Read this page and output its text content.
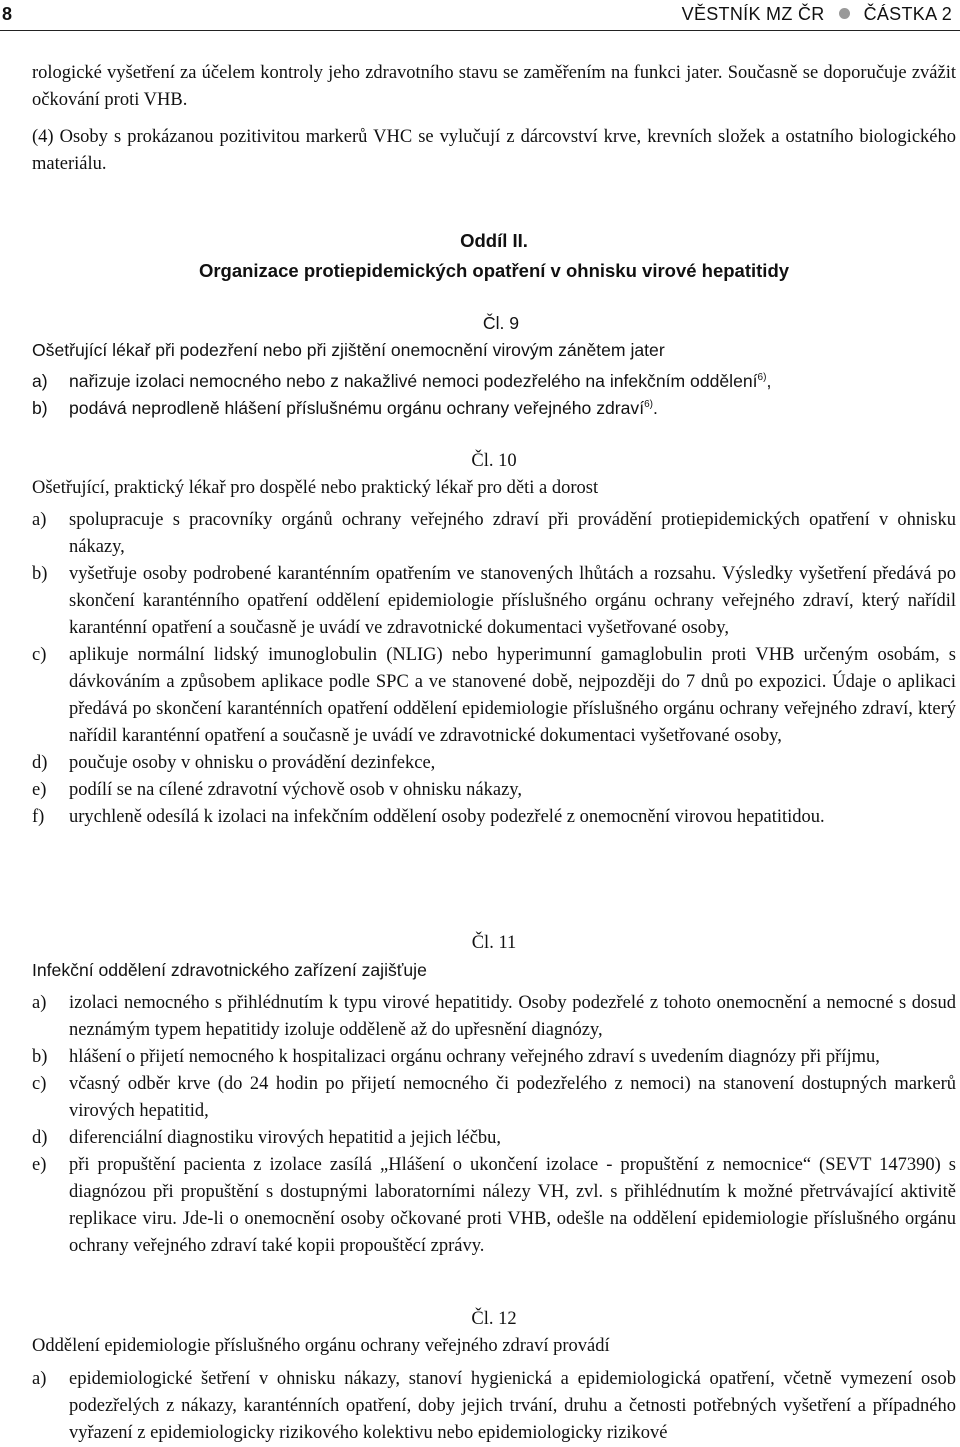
8	VĚSTNÍK MZ ČR ČÁSTKA 2

rologické vyšetření za účelem kontroly jeho zdravotního stavu se zaměřením na funkci jater. Současně se doporučuje zvážit očkování proti VHB.

(4) Osoby s prokázanou pozitivitou markerů VHC se vylučují z dárcovství krve, krevních složek a ostatního biologického materiálu.

Oddíl II.
Organizace protiepidemických opatření v ohnisku virové hepatitidy
Čl. 9

Ošetřující lékař při podezření nebo při zjištění onemocnění virovým zánětem jater

a) nařizuje izolaci nemocného nebo z nakažlivé nemoci podezřelého na infekčním oddělení$^{6)}$,
b) podává neprodleně hlášení příslušnému orgánu ochrany veřejného zdraví$^{6)}$.
Čl. 10

Ošetřující, praktický lékař pro dospělé nebo praktický lékař pro děti a dorost

a) spolupracuje s pracovníky orgánů ochrany veřejného zdraví při provádění protiepidemických opatření v ohnisku nákazy,
b) vyšetřuje osoby podrobené karanténním opatřením ve stanovených lhůtách a rozsahu. Výsledky vyšetření předává po skončení karanténního opatření oddělení epidemiologie příslušného orgánu ochrany veřejného zdraví, který nařídil karanténní opatření a současně je uvádí ve zdravotnické dokumentaci vyšetřované osoby,
c) aplikuje normální lidský imunoglobulin (NLIG) nebo hyperimunní gamaglobulin proti VHB určeným osobám, s dávkováním a způsobem aplikace podle SPC a ve stanovené době, nejpozději do 7 dnů po expozici. Údaje o aplikaci předává po skončení karanténních opatření oddělení epidemiologie příslušného orgánu ochrany veřejného zdraví, který nařídil karanténní opatření a současně je uvádí ve zdravotnické dokumentaci vyšetřované osoby,
d) poučuje osoby v ohnisku o provádění dezinfekce,
e) podílí se na cílené zdravotní výchově osob v ohnisku nákazy,
f) urychleně odesílá k izolaci na infekčním oddělení osoby podezřelé z onemocnění virovou hepatitidou.
Čl. 11

Infekční oddělení zdravotnického zařízení zajišťuje

a) izolaci nemocného s přihlédnutím k typu virové hepatitidy. Osoby podezřelé z tohoto onemocnění a nemocné s dosud neznámým typem hepatitidy izoluje odděleně až do upřesnění diagnózy,
b) hlášení o přijetí nemocného k hospitalizaci orgánu ochrany veřejného zdraví s uvedením diagnózy při příjmu,
c) včasný odběr krve (do 24 hodin po přijetí nemocného či podezřelého z nemoci) na stanovení dostupných markerů virových hepatitid,
d) diferenciální diagnostiku virových hepatitid a jejich léčbu,
e) při propuštění pacienta z izolace zasílá „Hlášení o ukončení izolace - propuštění z nemocnice“ (SEVT 147390) s diagnózou při propuštění s dostupnými laboratorními nálezy VH, zvl. s přihlédnutím k možné přetrvávající aktivitě replikace viru. Jde-li o onemocnění osoby očkované proti VHB, odešle na oddělení epidemiologie příslušného orgánu ochrany veřejného zdraví také kopii propouštěcí zprávy.
Čl. 12

Oddělení epidemiologie příslušného orgánu ochrany veřejného zdraví provádí

a) epidemiologické šetření v ohnisku nákazy, stanoví hygienická a epidemiologická opatření, včetně vymezení osob podezřelých z nákazy, karanténních opatření, doby jejich trvání, druhu a četnosti potřebných vyšetření a případného vyřazení z epidemiologicky rizikového kolektivu nebo epidemiologicky rizikové
